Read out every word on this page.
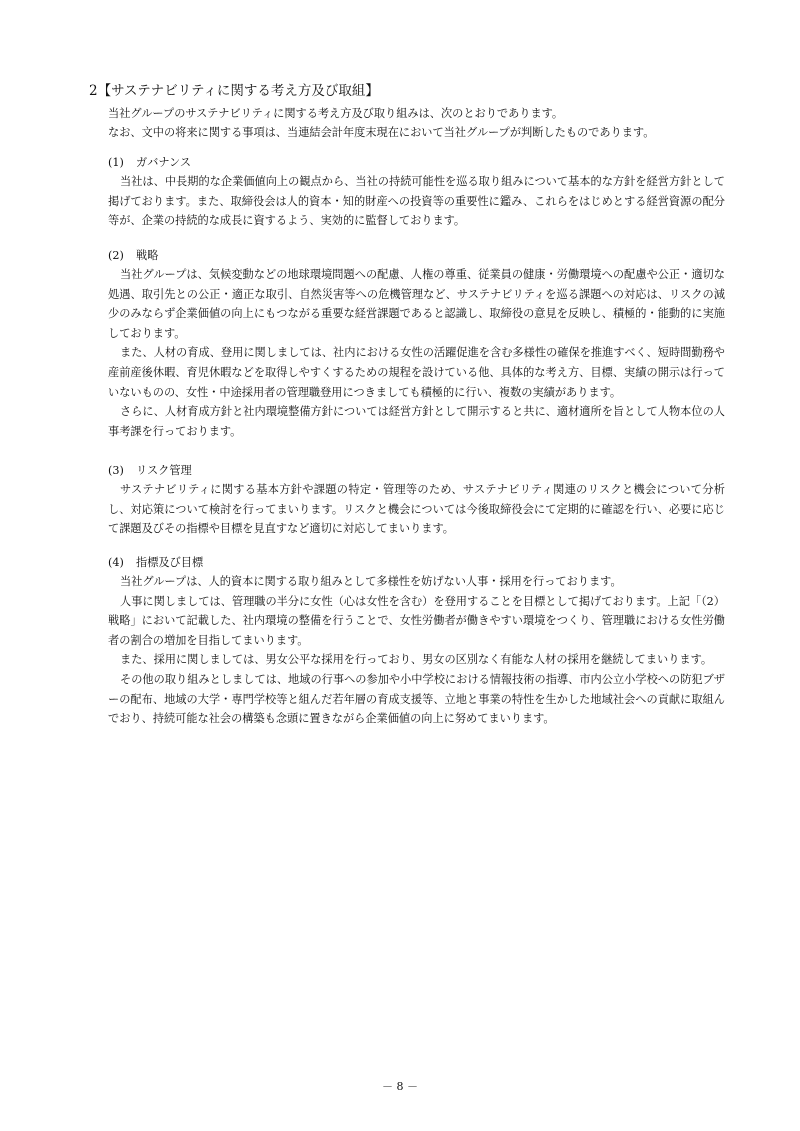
2【サステナビリティに関する考え方及び取組】

当社グループのサステナビリティに関する考え方及び取り組みは、次のとおりであります。

なお、文中の将来に関する事項は、当連結会計年度末現在において当社グループが判断したものであります。

(1) ガバナンス

当社は、中長期的な企業価値向上の観点から、当社の持続可能性を巡る取り組みについて基本的な方針を経営方針として掲げております。また、取締役会は人的資本・知的財産への投資等の重要性に鑑み、これらをはじめとする経営資源の配分等が、企業の持続的な成長に資するよう、実効的に監督しております。

(2) 戦略

当社グループは、気候変動などの地球環境問題への配慮、人権の尊重、従業員の健康・労働環境への配慮や公正・適切な処遇、取引先との公正・適正な取引、自然災害等への危機管理など、サステナビリティを巡る課題への対応は、リスクの減少のみならず企業価値の向上にもつながる重要な経営課題であると認識し、取締役の意見を反映し、積極的・能動的に実施しております。

また、人材の育成、登用に関しましては、社内における女性の活躍促進を含む多様性の確保を推進すべく、短時間勤務や産前産後休暇、育児休暇などを取得しやすくするための規程を設けている他、具体的な考え方、目標、実績の開示は行っていないものの、女性・中途採用者の管理職登用につきましても積極的に行い、複数の実績があります。

さらに、人材育成方針と社内環境整備方針については経営方針として開示すると共に、適材適所を旨として人物本位の人事考課を行っております。

(3) リスク管理

サステナビリティに関する基本方針や課題の特定・管理等のため、サステナビリティ関連のリスクと機会について分析し、対応策について検討を行ってまいります。リスクと機会については今後取締役会にて定期的に確認を行い、必要に応じて課題及びその指標や目標を見直すなど適切に対応してまいります。

(4) 指標及び目標

当社グループは、人的資本に関する取り組みとして多様性を妨げない人事・採用を行っております。

人事に関しましては、管理職の半分に女性（心は女性を含む）を登用することを目標として掲げております。上記「（2）戦略」において記載した、社内環境の整備を行うことで、女性労働者が働きやすい環境をつくり、管理職における女性労働者の割合の増加を目指してまいります。

また、採用に関しましては、男女公平な採用を行っており、男女の区別なく有能な人材の採用を継続してまいります。

その他の取り組みとしましては、地域の行事への参加や小中学校における情報技術の指導、市内公立小学校への防犯ブザーの配布、地域の大学・専門学校等と組んだ若年層の育成支援等、立地と事業の特性を生かした地域社会への貢献に取組んでおり、持続可能な社会の構築も念頭に置きながら企業価値の向上に努めてまいります。

－ 8 －
